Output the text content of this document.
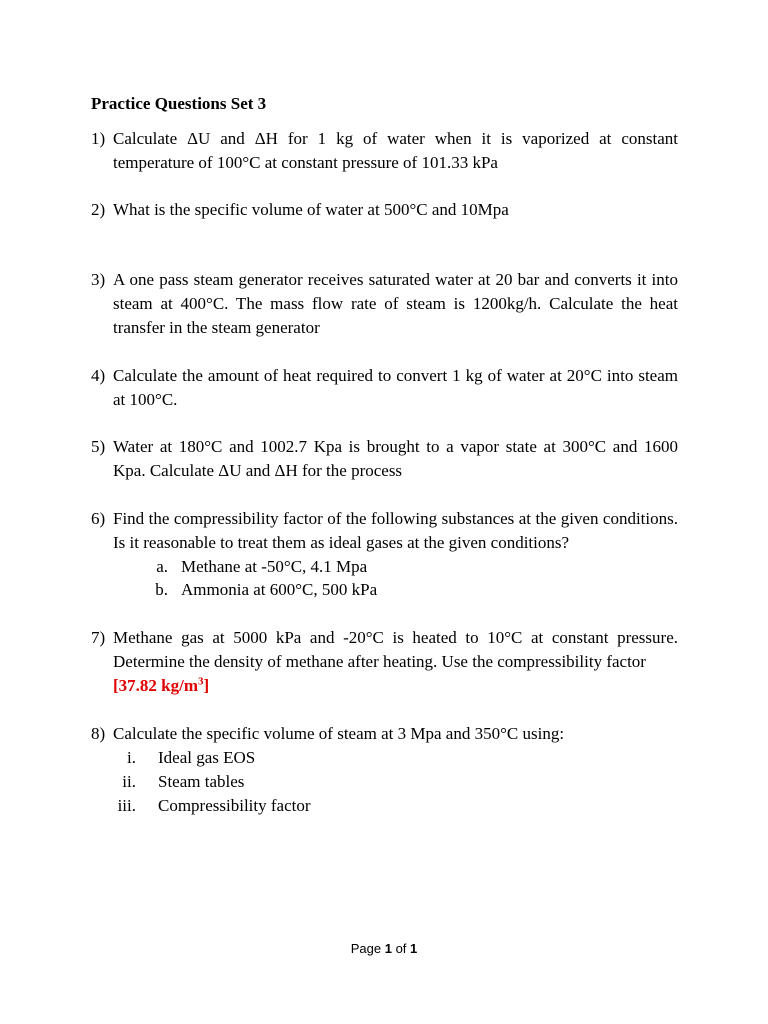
Practice Questions Set 3
1) Calculate ΔU and ΔH for 1 kg of water when it is vaporized at constant temperature of 100°C at constant pressure of 101.33 kPa
2) What is the specific volume of water at 500°C and 10Mpa
3) A one pass steam generator receives saturated water at 20 bar and converts it into steam at 400°C. The mass flow rate of steam is 1200kg/h. Calculate the heat transfer in the steam generator
4) Calculate the amount of heat required to convert 1 kg of water at 20°C into steam at 100°C.
5) Water at 180°C and 1002.7 Kpa is brought to a vapor state at 300°C and 1600 Kpa. Calculate ΔU and ΔH for the process
6) Find the compressibility factor of the following substances at the given conditions. Is it reasonable to treat them as ideal gases at the given conditions?
a. Methane at -50°C, 4.1 Mpa
b. Ammonia at 600°C, 500 kPa
7) Methane gas at 5000 kPa and -20°C is heated to 10°C at constant pressure. Determine the density of methane after heating. Use the compressibility factor
[37.82 $kg/m^3$]
8) Calculate the specific volume of steam at 3 Mpa and 350°C using:
i. Ideal gas EOS
ii. Steam tables
iii. Compressibility factor
Page 1 of 1
